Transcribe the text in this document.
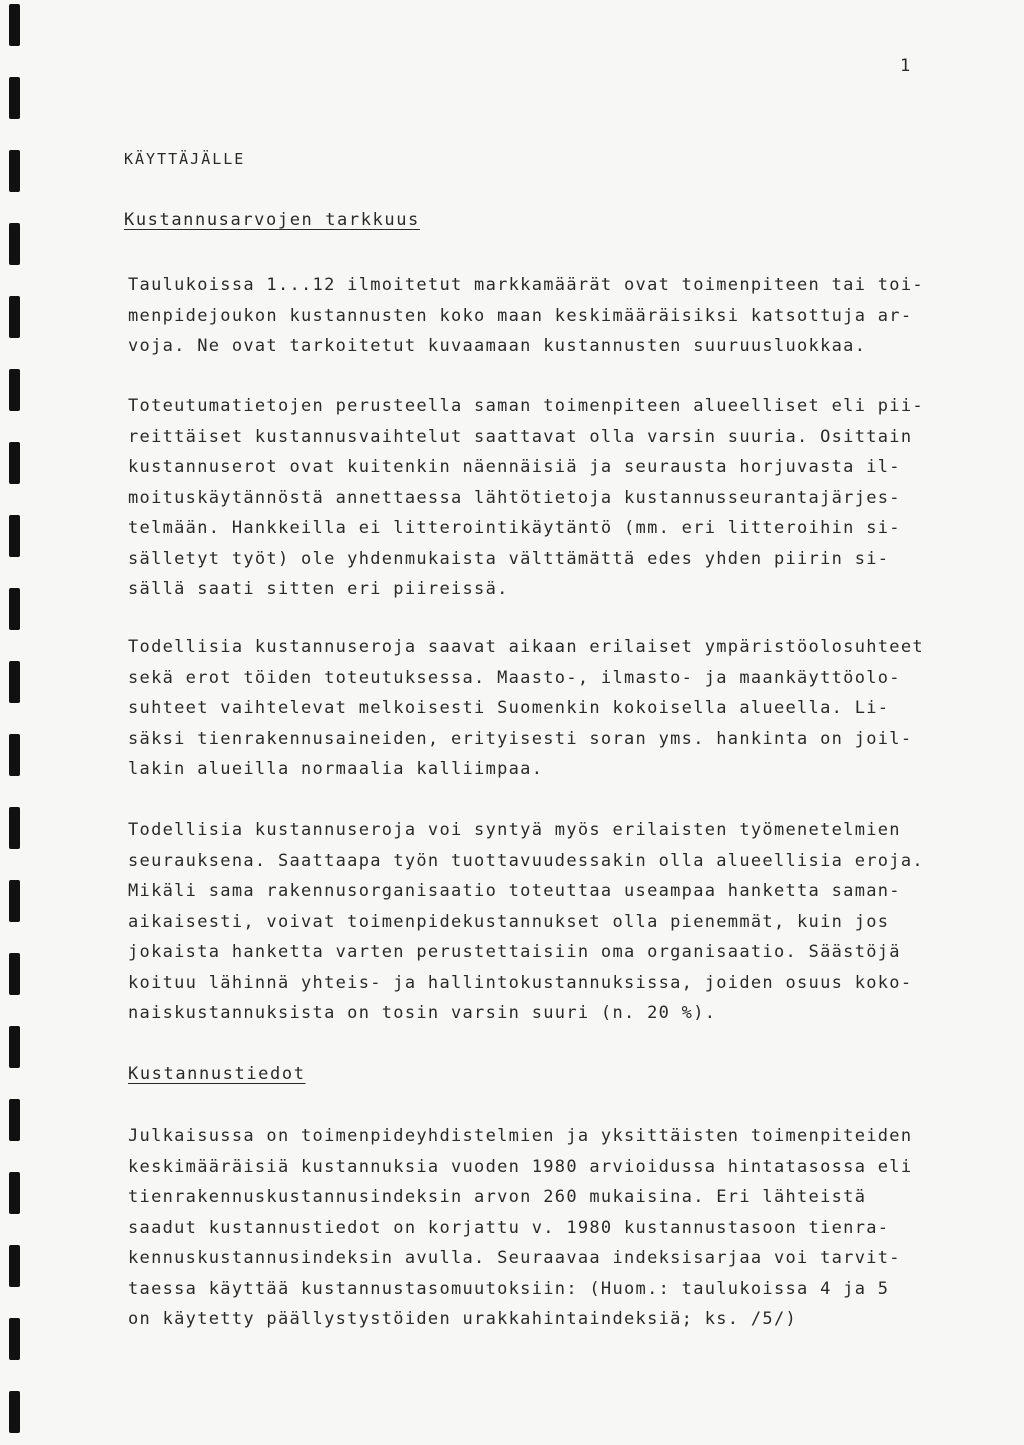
1
KÄYTTÄJÄLLE
Kustannusarvojen tarkkuus

Taulukoissa 1...12 ilmoitetut markkamäärät ovat toimenpiteen tai toi-
menpidejoukon kustannusten koko maan keskimääräisiksi katsottuja ar-
voja. Ne ovat tarkoitetut kuvaamaan kustannusten suuruusluokkaa.

Toteutumatietojen perusteella saman toimenpiteen alueelliset eli pii-
reittäiset kustannusvaihtelut saattavat olla varsin suuria. Osittain
kustannuserot ovat kuitenkin näennäisiä ja seurausta horjuvasta il-
moituskäytännöstä annettaessa lähtötietoja kustannusseurantajärjes-
telmään. Hankkeilla ei litterointikäytäntö (mm. eri litteroihin si-
sälletyt työt) ole yhdenmukaista välttämättä edes yhden piirin si-
sällä saati sitten eri piireissä.

Todellisia kustannuseroja saavat aikaan erilaiset ympäristöolosuhteet
sekä erot töiden toteutuksessa. Maasto-, ilmasto- ja maankäyttöolo-
suhteet vaihtelevat melkoisesti Suomenkin kokoisella alueella. Li-
säksi tienrakennusaineiden, erityisesti soran yms. hankinta on joil-
lakin alueilla normaalia kalliimpaa.

Todellisia kustannuseroja voi syntyä myös erilaisten työmenetelmien
seurauksena. Saattaapa työn tuottavuudessakin olla alueellisia eroja.
Mikäli sama rakennusorganisaatio toteuttaa useampaa hanketta saman-
aikaisesti, voivat toimenpidekustannukset olla pienemmät, kuin jos
jokaista hanketta varten perustettaisiin oma organisaatio. Säästöjä
koituu lähinnä yhteis- ja hallintokustannuksissa, joiden osuus koko-
naiskustannuksista on tosin varsin suuri (n. 20 %).

Kustannustiedot

Julkaisussa on toimenpideyhdistelmien ja yksittäisten toimenpiteiden
keskimääräisiä kustannuksia vuoden 1980 arvioidussa hintatasossa eli
tienrakennuskustannusindeksin arvon 260 mukaisina. Eri lähteistä
saadut kustannustiedot on korjattu v. 1980 kustannustasoon tienra-
kennuskustannusindeksin avulla. Seuraavaa indeksisarjaa voi tarvit-
taessa käyttää kustannustasomuutoksiin: (Huom.: taulukoissa 4 ja 5
on käytetty päällystystöiden urakkahintaindeksiä; ks. /5/)
